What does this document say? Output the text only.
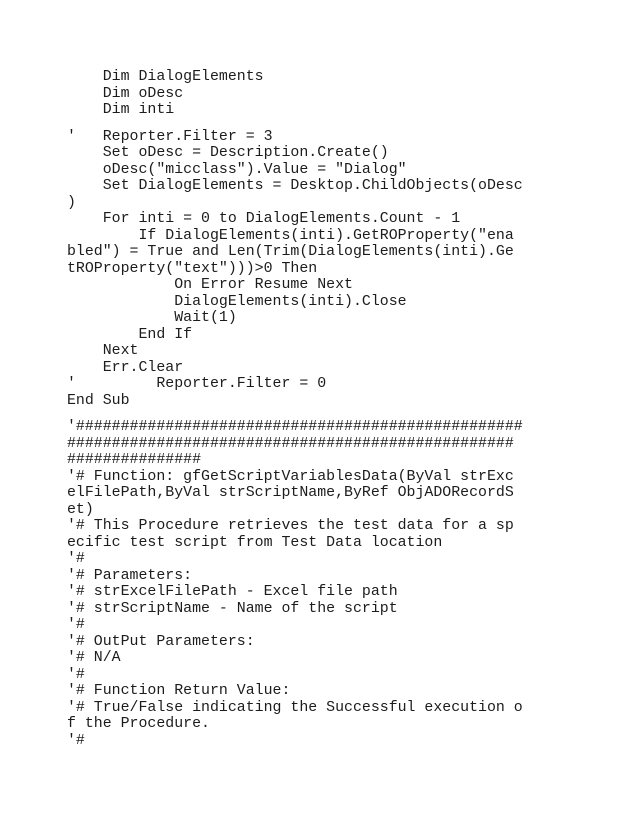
Dim DialogElements
Dim oDesc
Dim inti
'   Reporter.Filter = 3
Set oDesc = Description.Create()
oDesc("micclass").Value = "Dialog"
Set DialogElements = Desktop.ChildObjects(oDesc
)
For inti = 0 to DialogElements.Count - 1
If DialogElements(inti).GetROProperty("ena
bled") = True and Len(Trim(DialogElements(inti).Ge
tROProperty("text")))>0 Then
On Error Resume Next
DialogElements(inti).Close
Wait(1)
End If
Next
Err.Clear
'         Reporter.Filter = 0
End Sub
'##################################################
##################################################
###############
'# Function: gfGetScriptVariablesData(ByVal strExc
elFilePath,ByVal strScriptName,ByRef ObjADORecordS
et)
'# This Procedure retrieves the test data for a sp
ecific test script from Test Data location
'#
'# Parameters:
'# strExcelFilePath - Excel file path
'# strScriptName - Name of the script
'#
'# OutPut Parameters:
'# N/A
'#
'# Function Return Value:
'# True/False indicating the Successful execution o
f the Procedure.
'#
